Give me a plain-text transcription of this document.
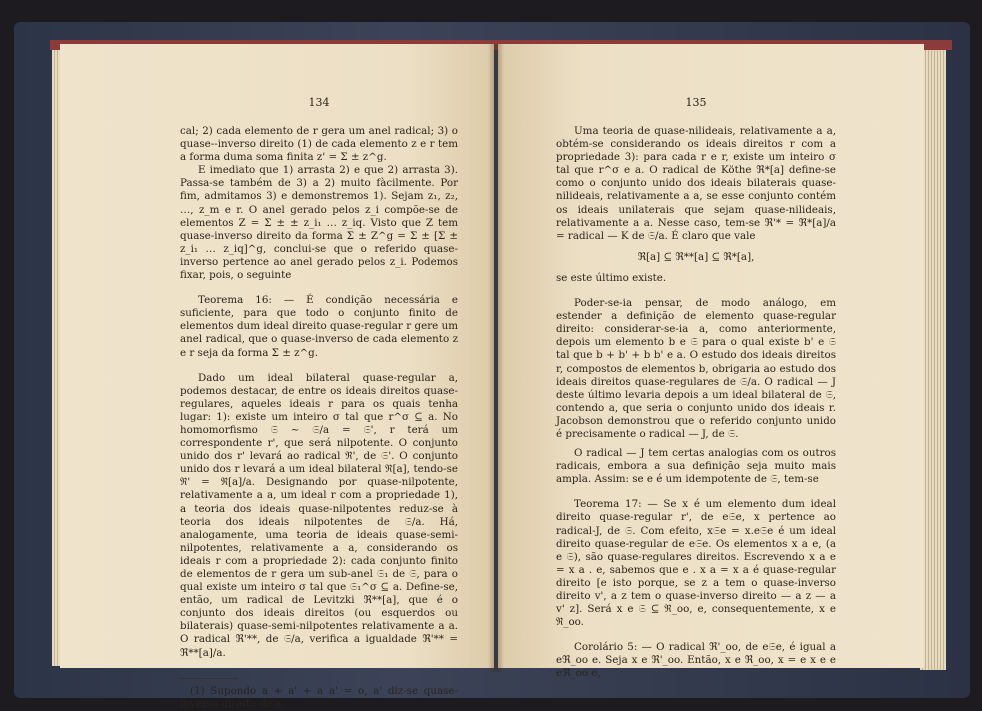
134

cal; 2) cada elemento de r gera um anel radical; 3) o quase--inverso direito (1) de cada elemento z e r tem a forma duma soma finita z' = Σ ± z^g.

E imediato que 1) arrasta 2) e que 2) arrasta 3). Passa-se também de 3) a 2) muito fàcilmente. Por fim, admitamos 3) e demonstremos 1). Sejam z₁, z₂, …, z_m e r. O anel gerado pelos z_i compõe-se de elementos Z = Σ ± ± z_i₁ … z_iq. Visto que Z tem quase-inverso direito da forma Σ ± Z^g = Σ ± [Σ ± z_i₁ … z_iq]^g, conclui-se que o referido quase-inverso pertence ao anel gerado pelos z_i. Podemos fixar, pois, o seguinte

Teorema 16: — É condição necessária e suficiente, para que todo o conjunto finito de elementos dum ideal direito quase-regular r gere um anel radical, que o quase-inverso de cada elemento z e r seja da forma Σ ± z^g.

Dado um ideal bilateral quase-regular a, podemos destacar, de entre os ideais direitos quase-regulares, aqueles ideais r para os quais tenha lugar: 1): existe um inteiro σ tal que r^σ ⊆ a. No homomorfismo 𝔖 ∼ 𝔖/a = 𝔖', r terá um correspondente r', que será nilpotente. O conjunto unido dos r' levará ao radical ℜ', de 𝔖'. O conjunto unido dos r levará a um ideal bilateral ℜ[a], tendo-se ℜ' = ℜ[a]/a. Designando por quase-nilpotente, relativamente a a, um ideal r com a propriedade 1), a teoria dos ideais quase-nilpotentes reduz-se à teoria dos ideais nilpotentes de 𝔖/a. Há, analogamente, uma teoria de ideais quase-semi-nilpotentes, relativamente a a, considerando os ideais r com a propriedade 2): cada conjunto finito de elementos de r gera um sub-anel 𝔖₁ de 𝔖, para o qual existe um inteiro σ tal que 𝔖₁^σ ⊆ a. Define-se, então, um radical de Levitzki ℜ**[a], que é o conjunto dos ideais direitos (ou esquerdos ou bilaterais) quase-semi-nilpotentes relativamente a a. O radical ℜ'**, de 𝔖/a, verifica a igualdade ℜ'** = ℜ**[a]/a.

(1) Supondo a + a' + a a' = o, a' diz-se quase-inverso direito de a.

135

Uma teoria de quase-nilideais, relativamente a a, obtém-se considerando os ideais direitos r com a propriedade 3): para cada r e r, existe um inteiro σ tal que r^σ e a. O radical de Köthe ℜ*[a] define-se como o conjunto unido dos ideais bilaterais quase-nilideais, relativamente a a, se esse conjunto contém os ideais unilaterais que sejam quase-nilideais, relativamente a a. Nesse caso, tem-se ℜ'* = ℜ*[a]/a = radical — K de 𝔖/a. É claro que vale

ℜ[a] ⊆ ℜ**[a] ⊆ ℜ*[a],

se este último existe.

Poder-se-ia pensar, de modo análogo, em estender a definição de elemento quase-regular direito: considerar-se-ia a, como anteriormente, depois um elemento b e 𝔖 para o qual existe b' e 𝔖 tal que b + b' + b b' e a. O estudo dos ideais direitos r, compostos de elementos b, obrigaria ao estudo dos ideais direitos quase-regulares de 𝔖/a. O radical — J deste último levaria depois a um ideal bilateral de 𝔖, contendo a, que seria o conjunto unido dos ideais r. Jacobson demonstrou que o referido conjunto unido é precisamente o radical — J, de 𝔖.

O radical — J tem certas analogias com os outros radicais, embora a sua definição seja muito mais ampla. Assim: se e é um idempotente de 𝔖, tem-se

Teorema 17: — Se x é um elemento dum ideal direito quase-regular r', de e𝔖e, x pertence ao radical-J, de 𝔖. Com efeito, x𝔖e = x.e𝔖e é um ideal direito quase-regular de e𝔖e. Os elementos x a e, (a e 𝔖), são quase-regulares direitos. Escrevendo x a e = x a . e, sabemos que e . x a = x a é quase-regular direito [e isto porque, se z a tem o quase-inverso direito v', a z tem o quase-inverso direito — a z — a v' z]. Será x e 𝔖 ⊆ ℜ_oo, e, consequentemente, x e ℜ_oo.

Corolário 5: — O radical ℜ'_oo, de e𝔖e, é igual a eℜ_oo e. Seja x e ℜ'_oo. Então, x e ℜ_oo, x = e x e e eℜ_oo e,
